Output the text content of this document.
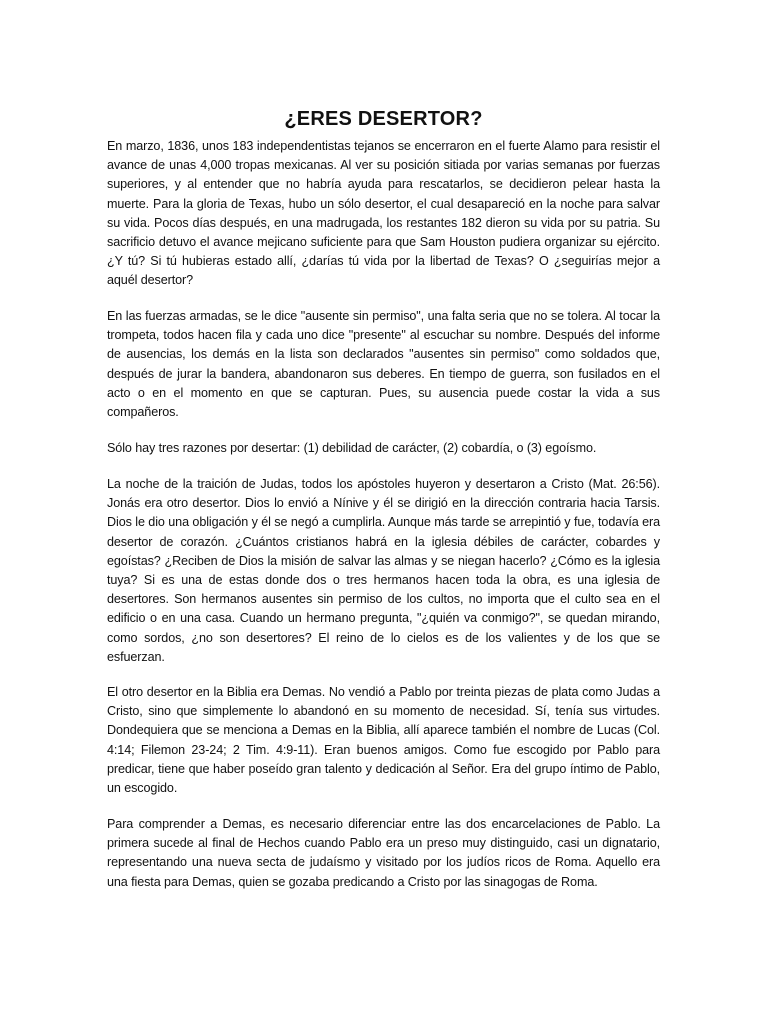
¿ERES DESERTOR?

En marzo, 1836, unos 183 independentistas tejanos se encerraron en el fuerte Alamo para resistir el avance de unas 4,000 tropas mexicanas. Al ver su posición sitiada por varias semanas por fuerzas superiores, y al entender que no habría ayuda para rescatarlos, se decidieron pelear hasta la muerte. Para la gloria de Texas, hubo un sólo desertor, el cual desapareció en la noche para salvar su vida. Pocos días después, en una madrugada, los restantes 182 dieron su vida por su patria. Su sacrificio detuvo el avance mejicano suficiente para que Sam Houston pudiera organizar su ejército. ¿Y tú? Si tú hubieras estado allí, ¿darías tú vida por la libertad de Texas? O ¿seguirías mejor a aquél desertor?

En las fuerzas armadas, se le dice "ausente sin permiso", una falta seria que no se tolera. Al tocar la trompeta, todos hacen fila y cada uno dice "presente" al escuchar su nombre. Después del informe de ausencias, los demás en la lista son declarados "ausentes sin permiso" como soldados que, después de jurar la bandera, abandonaron sus deberes. En tiempo de guerra, son fusilados en el acto o en el momento en que se capturan. Pues, su ausencia puede costar la vida a sus compañeros.

Sólo hay tres razones por desertar: (1) debilidad de carácter, (2) cobardía, o (3) egoísmo.

La noche de la traición de Judas, todos los apóstoles huyeron y desertaron a Cristo (Mat. 26:56). Jonás era otro desertor. Dios lo envió a Nínive y él se dirigió en la dirección contraria hacia Tarsis. Dios le dio una obligación y él se negó a cumplirla. Aunque más tarde se arrepintió y fue, todavía era desertor de corazón. ¿Cuántos cristianos habrá en la iglesia débiles de carácter, cobardes y egoístas? ¿Reciben de Dios la misión de salvar las almas y se niegan hacerlo? ¿Cómo es la iglesia tuya? Si es una de estas donde dos o tres hermanos hacen toda la obra, es una iglesia de desertores. Son hermanos ausentes sin permiso de los cultos, no importa que el culto sea en el edificio o en una casa. Cuando un hermano pregunta, "¿quién va conmigo?", se quedan mirando, como sordos, ¿no son desertores? El reino de lo cielos es de los valientes y de los que se esfuerzan.

El otro desertor en la Biblia era Demas. No vendió a Pablo por treinta piezas de plata como Judas a Cristo, sino que simplemente lo abandonó en su momento de necesidad. Sí, tenía sus virtudes. Dondequiera que se menciona a Demas en la Biblia, allí aparece también el nombre de Lucas (Col. 4:14; Filemon 23-24; 2 Tim. 4:9-11). Eran buenos amigos. Como fue escogido por Pablo para predicar, tiene que haber poseído gran talento y dedicación al Señor. Era del grupo íntimo de Pablo, un escogido.

Para comprender a Demas, es necesario diferenciar entre las dos encarcelaciones de Pablo. La primera sucede al final de Hechos cuando Pablo era un preso muy distinguido, casi un dignatario, representando una nueva secta de judaísmo y visitado por los judíos ricos de Roma. Aquello era una fiesta para Demas, quien se gozaba predicando a Cristo por las sinagogas de Roma.
